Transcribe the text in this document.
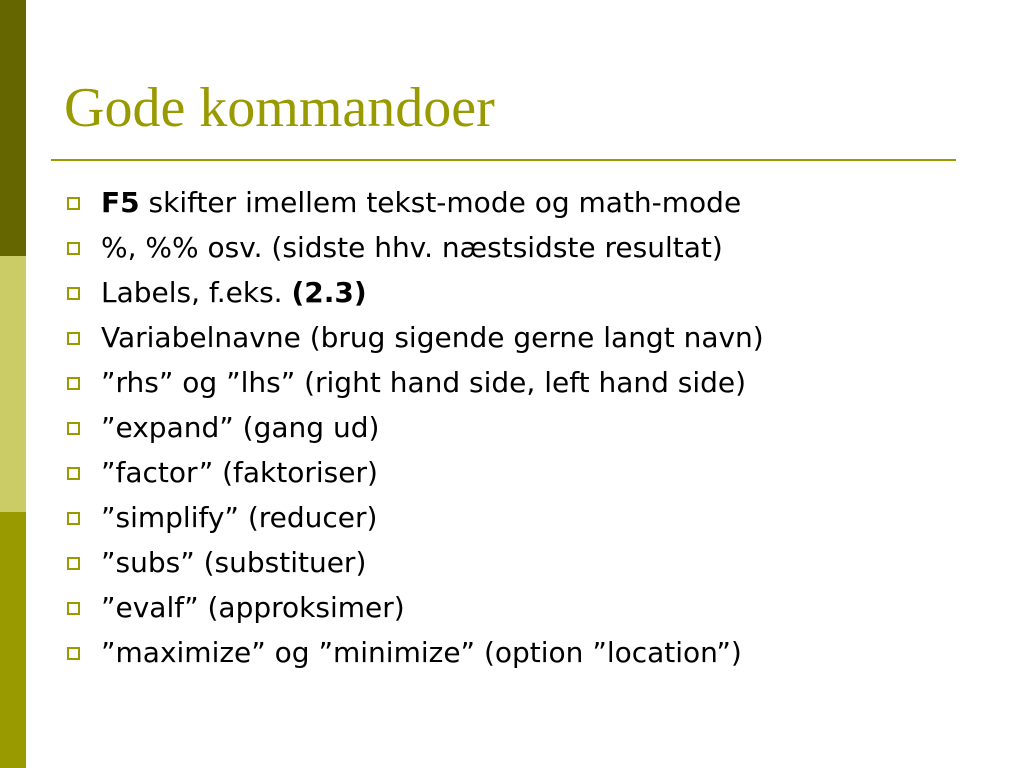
Gode kommandoer
F5 skifter imellem tekst-mode og math-mode
%, %% osv. (sidste hhv. næstsidste resultat)
Labels, f.eks. (2.3)
Variabelnavne (brug sigende gerne langt navn)
”rhs” og ”lhs” (right hand side, left hand side)
”expand” (gang ud)
”factor” (faktoriser)
”simplify” (reducer)
”subs” (substituer)
”evalf” (approksimer)
”maximize” og ”minimize” (option ”location”)
